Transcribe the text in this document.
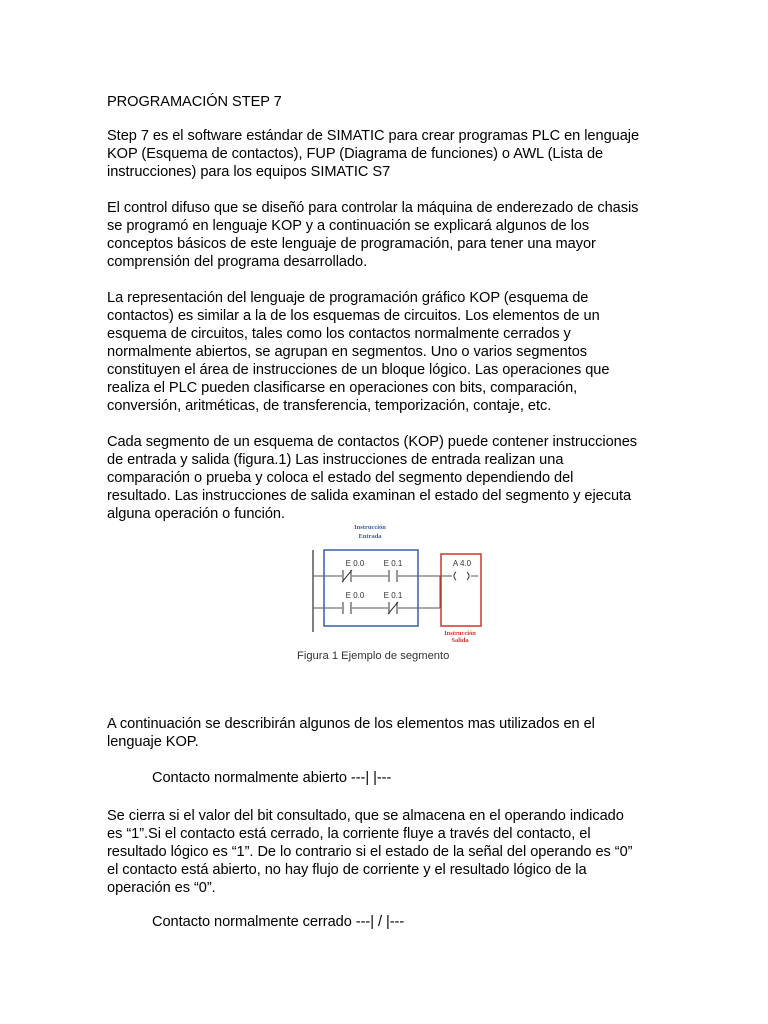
PROGRAMACIÓN STEP 7
Step 7 es el software estándar de SIMATIC para crear programas PLC en lenguaje
KOP (Esquema de contactos), FUP (Diagrama de funciones) o AWL (Lista de
instrucciones) para los equipos SIMATIC S7
El control difuso que se diseñó para controlar la máquina de enderezado de chasis
se programó en lenguaje KOP y a continuación se explicará algunos de los
conceptos básicos de este lenguaje de programación, para tener una mayor
comprensión del programa desarrollado.
La representación del lenguaje de programación gráfico KOP (esquema de
contactos) es similar a la de los esquemas de circuitos. Los elementos de un
esquema de circuitos, tales como los contactos normalmente cerrados y
normalmente abiertos, se agrupan en segmentos. Uno o varios segmentos
constituyen el área de instrucciones de un bloque lógico. Las operaciones que
realiza el PLC pueden clasificarse en operaciones con bits, comparación,
conversión, aritméticas, de transferencia, temporización, contaje, etc.
Cada segmento de un esquema de contactos (KOP) puede contener instrucciones
de entrada y salida (figura.1) Las instrucciones de entrada realizan una
comparación o prueba y coloca el estado del segmento dependiendo del
resultado. Las instrucciones de salida examinan el estado del segmento y ejecuta
alguna operación o función.
Instrucción
Entrada
E 0.0 E 0.1
E 0.0 E 0.1
A 4.0
Instrucción
Salida
Figura 1 Ejemplo de segmento
A continuación se describirán algunos de los elementos mas utilizados en el
lenguaje KOP.
Contacto normalmente abierto ---| |---
Se cierra si el valor del bit consultado, que se almacena en el operando indicado
es “1”.Si el contacto está cerrado, la corriente fluye a través del contacto, el
resultado lógico es “1”. De lo contrario si el estado de la señal del operando es “0”
el contacto está abierto, no hay flujo de corriente y el resultado lógico de la
operación es “0”.
Contacto normalmente cerrado ---| / |---
